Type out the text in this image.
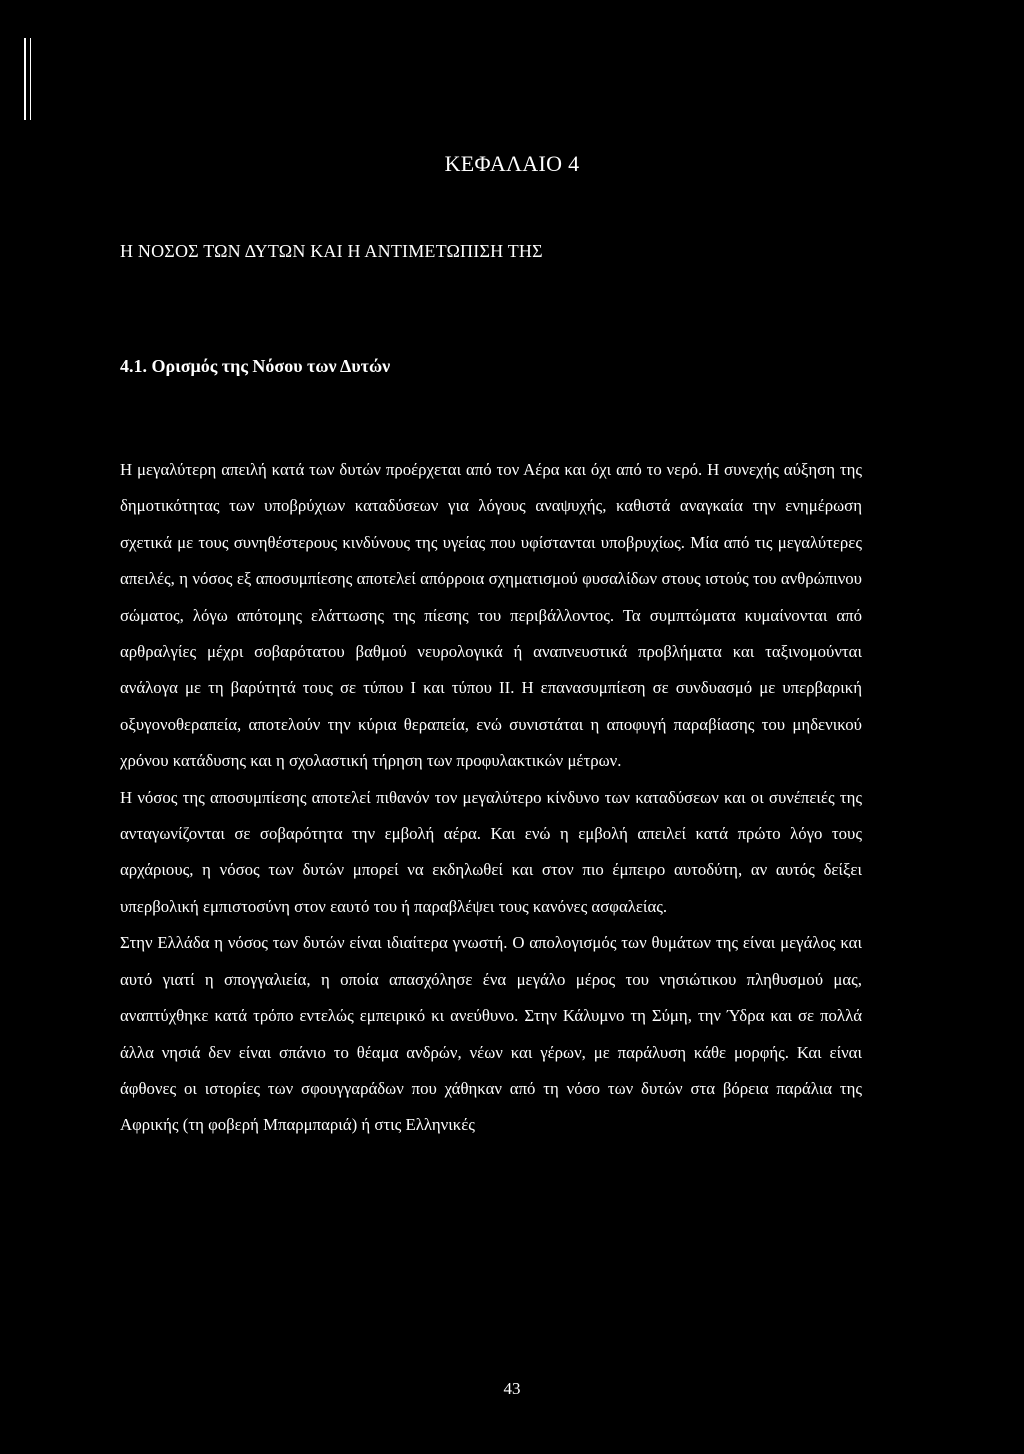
ΚΕΦΑΛΑΙΟ 4
Η ΝΟΣΟΣ ΤΩΝ ΔΥΤΩΝ ΚΑΙ Η ΑΝΤΙΜΕΤΩΠΙΣΗ ΤΗΣ
4.1. Ορισμός της Νόσου των Δυτών

Η μεγαλύτερη απειλή κατά των δυτών προέρχεται από τον Αέρα και όχι από το νερό. Η συνεχής αύξηση της δημοτικότητας των υποβρύχιων καταδύσεων για λόγους αναψυχής, καθιστά αναγκαία την ενημέρωση σχετικά με τους συνηθέστερους κινδύνους της υγείας που υφίστανται υποβρυχίως. Μία από τις μεγαλύτερες απειλές, η νόσος εξ αποσυμπίεσης αποτελεί απόρροια σχηματισμού φυσαλίδων στους ιστούς του ανθρώπινου σώματος, λόγω απότομης ελάττωσης της πίεσης του περιβάλλοντος. Τα συμπτώματα κυμαίνονται από αρθραλγίες μέχρι σοβαρότατου βαθμού νευρολογικά ή αναπνευστικά προβλήματα και ταξινομούνται ανάλογα με τη βαρύτητά τους σε τύπου Ι και τύπου II. Η επανασυμπίεση σε συνδυασμό με υπερβαρική οξυγονοθεραπεία, αποτελούν την κύρια θεραπεία, ενώ συνιστάται η αποφυγή παραβίασης του μηδενικού χρόνου κατάδυσης και η σχολαστική τήρηση των προφυλακτικών μέτρων.

Η νόσος της αποσυμπίεσης αποτελεί πιθανόν τον μεγαλύτερο κίνδυνο των καταδύσεων και οι συνέπειές της ανταγωνίζονται σε σοβαρότητα την εμβολή αέρα. Και ενώ η εμβολή απειλεί κατά πρώτο λόγο τους αρχάριους, η νόσος των δυτών μπορεί να εκδηλωθεί και στον πιο έμπειρο αυτοδύτη, αν αυτός δείξει υπερβολική εμπιστοσύνη στον εαυτό του ή παραβλέψει τους κανόνες ασφαλείας.

Στην Ελλάδα η νόσος των δυτών είναι ιδιαίτερα γνωστή. Ο απολογισμός των θυμάτων της είναι μεγάλος και αυτό γιατί η σπογγαλιεία, η οποία απασχόλησε ένα μεγάλο μέρος του νησιώτικου πληθυσμού μας, αναπτύχθηκε κατά τρόπο εντελώς εμπειρικό κι ανεύθυνο. Στην Κάλυμνο τη Σύμη, την Ύδρα και σε πολλά άλλα νησιά δεν είναι σπάνιο το θέαμα ανδρών, νέων και γέρων, με παράλυση κάθε μορφής. Και είναι άφθονες οι ιστορίες των σφουγγαράδων που χάθηκαν από τη νόσο των δυτών στα βόρεια παράλια της Αφρικής (τη φοβερή Μπαρμπαριά) ή στις Ελληνικές

43
